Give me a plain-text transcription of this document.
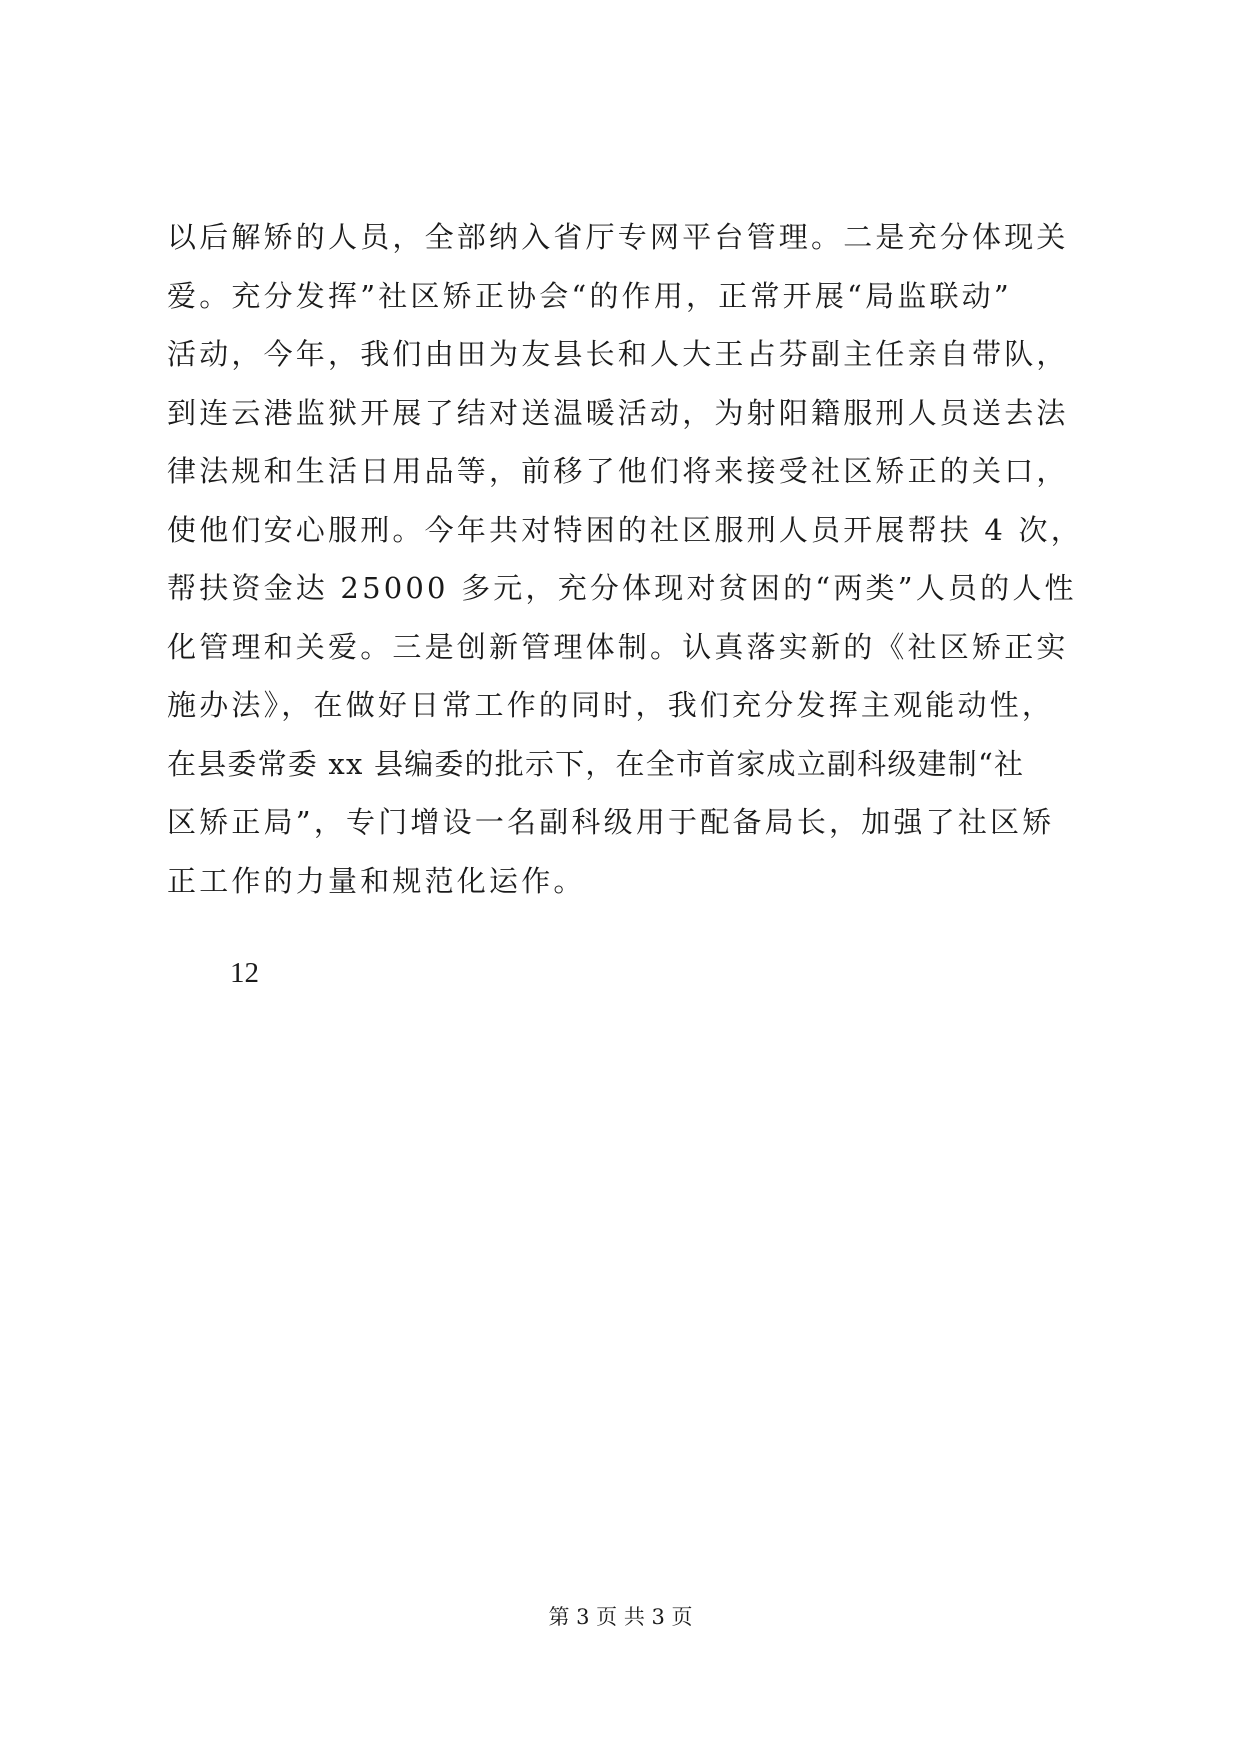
以后解矫的人员，全部纳入省厅专网平台管理。二是充分体现关
爱。充分发挥”社区矫正协会“的作用，正常开展“局监联动”
活动，今年，我们由田为友县长和人大王占芬副主任亲自带队，
到连云港监狱开展了结对送温暖活动，为射阳籍服刑人员送去法
律法规和生活日用品等，前移了他们将来接受社区矫正的关口，
使他们安心服刑。今年共对特困的社区服刑人员开展帮扶 4 次，
帮扶资金达 25000 多元，充分体现对贫困的“两类”人员的人性
化管理和关爱。三是创新管理体制。认真落实新的《社区矫正实
施办法》，在做好日常工作的同时，我们充分发挥主观能动性，
在县委常委 xx 县编委的批示下，在全市首家成立副科级建制“社
区矫正局”，专门增设一名副科级用于配备局长，加强了社区矫
正工作的力量和规范化运作。
12
第 3 页 共 3 页
